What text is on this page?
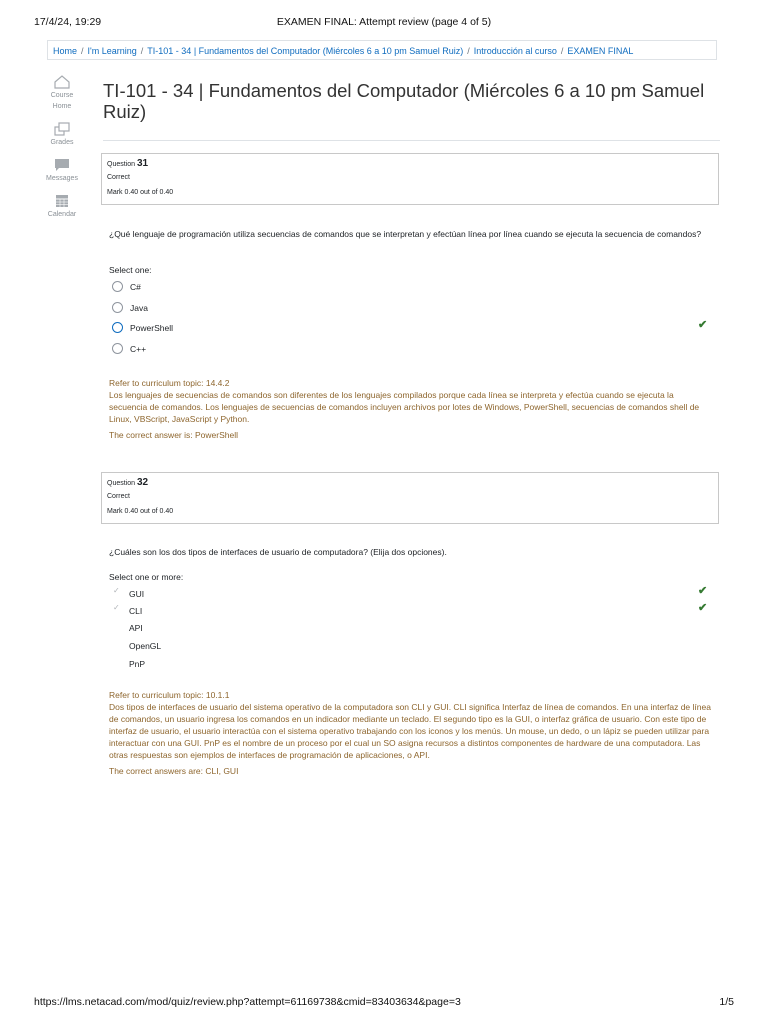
17/4/24, 19:29	EXAMEN FINAL: Attempt review (page 4 of 5)
Home / I'm Learning / TI-101 - 34 | Fundamentos del Computador (Miércoles 6 a 10 pm Samuel Ruiz) / Introducción al curso / EXAMEN FINAL
Course
Home
Grades
Messages
Calendar
TI-101 - 34 | Fundamentos del Computador (Miércoles 6 a 10 pm Samuel Ruiz)
Question 31
Correct
Mark 0.40 out of 0.40
¿Qué lenguaje de programación utiliza secuencias de comandos que se interpretan y efectúan línea por línea cuando se ejecuta la secuencia de comandos?
Select one:
C#
Java
PowerShell
C++
✔

Refer to curriculum topic: 14.4.2

Los lenguajes de secuencias de comandos son diferentes de los lenguajes compilados porque cada línea se interpreta y efectúa cuando se ejecuta la secuencia de comandos. Los lenguajes de secuencias de comandos incluyen archivos por lotes de Windows, PowerShell, secuencias de comandos shell de Linux, VBScript, JavaScript y Python.

The correct answer is: PowerShell

Question 32
Correct
Mark 0.40 out of 0.40
¿Cuáles son los dos tipos de interfaces de usuario de computadora? (Elija dos opciones).
Select one or more:
✓ GUI
✓ CLI
API
OpenGL
PnP
✔
✔

Refer to curriculum topic: 10.1.1

Dos tipos de interfaces de usuario del sistema operativo de la computadora son CLI y GUI. CLI significa Interfaz de línea de comandos. En una interfaz de línea de comandos, un usuario ingresa los comandos en un indicador mediante un teclado. El segundo tipo es la GUI, o interfaz gráfica de usuario. Con este tipo de interfaz de usuario, el usuario interactúa con el sistema operativo trabajando con los iconos y los menús. Un mouse, un dedo, o un lápiz se pueden utilizar para interactuar con una GUI. PnP es el nombre de un proceso por el cual un SO asigna recursos a distintos componentes de hardware de una computadora. Las otras respuestas son ejemplos de interfaces de programación de aplicaciones, o API.

The correct answers are: CLI, GUI

https://lms.netacad.com/mod/quiz/review.php?attempt=61169738&cmid=83403634&page=3	1/5
